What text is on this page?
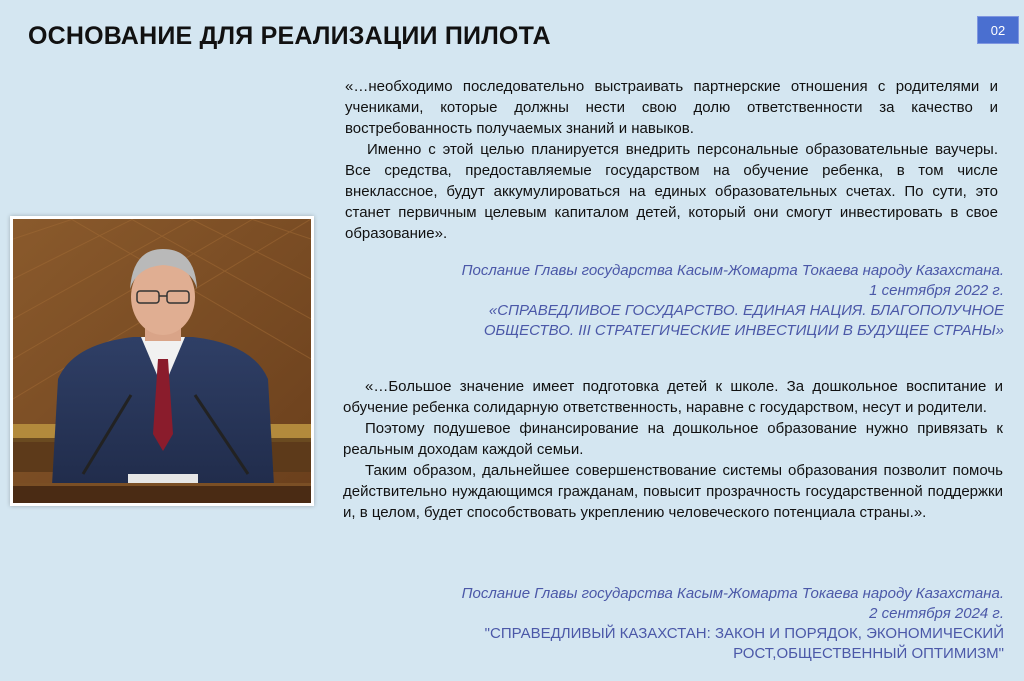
ОСНОВАНИЕ ДЛЯ РЕАЛИЗАЦИИ ПИЛОТА	02

«…необходимо последовательно выстраивать партнерские отношения с родителями и учениками, которые должны нести свою долю ответственности за качество и востребованность получаемых знаний и навыков.

Именно с этой целью планируется внедрить персональные образовательные ваучеры. Все средства, предоставляемые государством на обучение ребенка, в том числе внеклассное, будут аккумулироваться на единых образовательных счетах. По сути, это станет первичным целевым капиталом детей, который они смогут инвестировать в свое образование».

Послание Главы государства Касым-Жомарта Токаева народу Казахстана.
1 сентября 2022 г.
«СПРАВЕДЛИВОЕ ГОСУДАРСТВО. ЕДИНАЯ НАЦИЯ. БЛАГОПОЛУЧНОЕ
ОБЩЕСТВО. III СТРАТЕГИЧЕСКИЕ ИНВЕСТИЦИИ В БУДУЩЕЕ СТРАНЫ»

«…Большое значение имеет подготовка детей к школе. За дошкольное воспитание и обучение ребенка солидарную ответственность, наравне с государством, несут и родители.

Поэтому подушевое финансирование на дошкольное образование нужно привязать к реальным доходам каждой семьи.

Таким образом, дальнейшее совершенствование системы образования позволит помочь действительно нуждающимся гражданам, повысит прозрачность государственной поддержки и, в целом, будет способствовать укреплению человеческого потенциала страны.».

Послание Главы государства Касым-Жомарта Токаева народу Казахстана.
2 сентября 2024 г.
"СПРАВЕДЛИВЫЙ КАЗАХСТАН: ЗАКОН И ПОРЯДОК, ЭКОНОМИЧЕСКИЙ
РОСТ,ОБЩЕСТВЕННЫЙ ОПТИМИЗМ"
